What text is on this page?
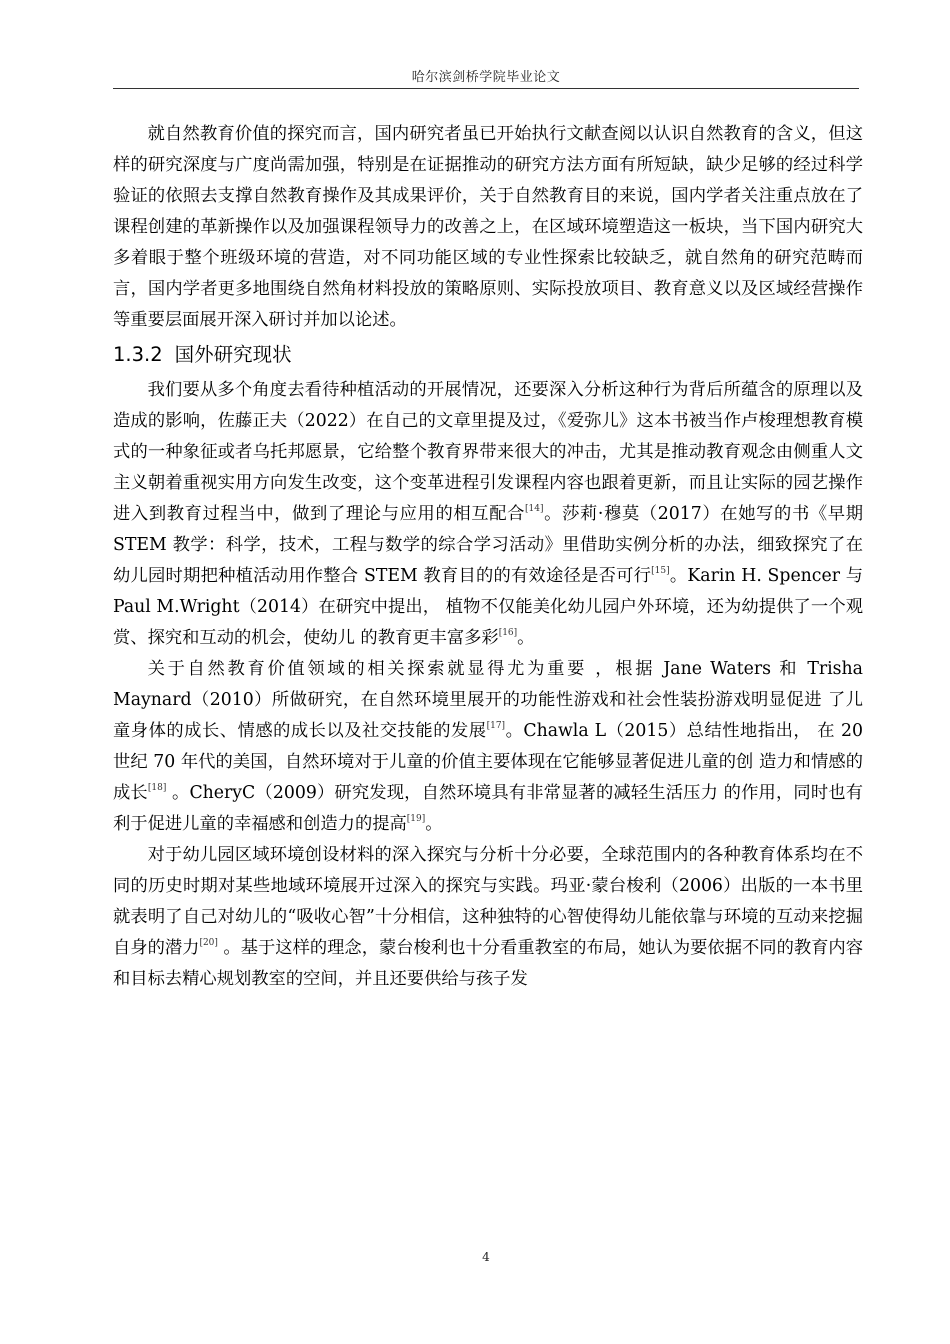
哈尔滨剑桥学院毕业论文

就自然教育价值的探究而言，国内研究者虽已开始执行文献查阅以认识自然教育的含义，但这样的研究深度与广度尚需加强，特别是在证据推动的研究方法方面有所短缺，缺少足够的经过科学验证的依照去支撑自然教育操作及其成果评价，关于自然教育目的来说，国内学者关注重点放在了课程创建的革新操作以及加强课程领导力的改善之上，在区域环境塑造这一板块，当下国内研究大多着眼于整个班级环境的营造，对不同功能区域的专业性探索比较缺乏，就自然角的研究范畴而言，国内学者更多地围绕自然角材料投放的策略原则、实际投放项目、教育意义以及区域经营操作等重要层面展开深入研讨并加以论述。

1.3.2 国外研究现状

我们要从多个角度去看待种植活动的开展情况，还要深入分析这种行为背后所蕴含的原理以及造成的影响，佐藤正夫（2022）在自己的文章里提及过，《爱弥儿》这本书被当作卢梭理想教育模式的一种象征或者乌托邦愿景，它给整个教育界带来很大的冲击，尤其是推动教育观念由侧重人文主义朝着重视实用方向发生改变，这个变革进程引发课程内容也跟着更新，而且让实际的园艺操作进入到教育过程当中，做到了理论与应用的相互配合[14]。莎莉·穆莫（2017）在她写的书《早期 STEM 教学：科学，技术，工程与数学的综合学习活动》里借助实例分析的办法，细致探究了在幼儿园时期把种植活动用作整合 STEM 教育目的的有效途径是否可行[15]。Karin H. Spencer 与 Paul M.Wright（2014）在研究中提出， 植物不仅能美化幼儿园户外环境，还为幼提供了一个观赏、探究和互动的机会，使幼儿 的教育更丰富多彩[16]。

关于自然教育价值领域的相关探索就显得尤为重要 ，根据 Jane Waters 和 Trisha Maynard（2010）所做研究，在自然环境里展开的功能性游戏和社会性装扮游戏明显促进 了儿童身体的成长、情感的成长以及社交技能的发展[17]。Chawla L（2015）总结性地指出， 在 20 世纪 70 年代的美国，自然环境对于儿童的价值主要体现在它能够显著促进儿童的创 造力和情感的成长[18] 。CheryC（2009）研究发现，自然环境具有非常显著的减轻生活压力 的作用，同时也有利于促进儿童的幸福感和创造力的提高[19]。

对于幼儿园区域环境创设材料的深入探究与分析十分必要，全球范围内的各种教育体系均在不同的历史时期对某些地域环境展开过深入的探究与实践。玛亚·蒙台梭利（2006）出版的一本书里就表明了自己对幼儿的“吸收心智”十分相信，这种独特的心智使得幼儿能依靠与环境的互动来挖掘自身的潜力[20] 。基于这样的理念，蒙台梭利也十分看重教室的布局，她认为要依据不同的教育内容和目标去精心规划教室的空间，并且还要供给与孩子发

4
